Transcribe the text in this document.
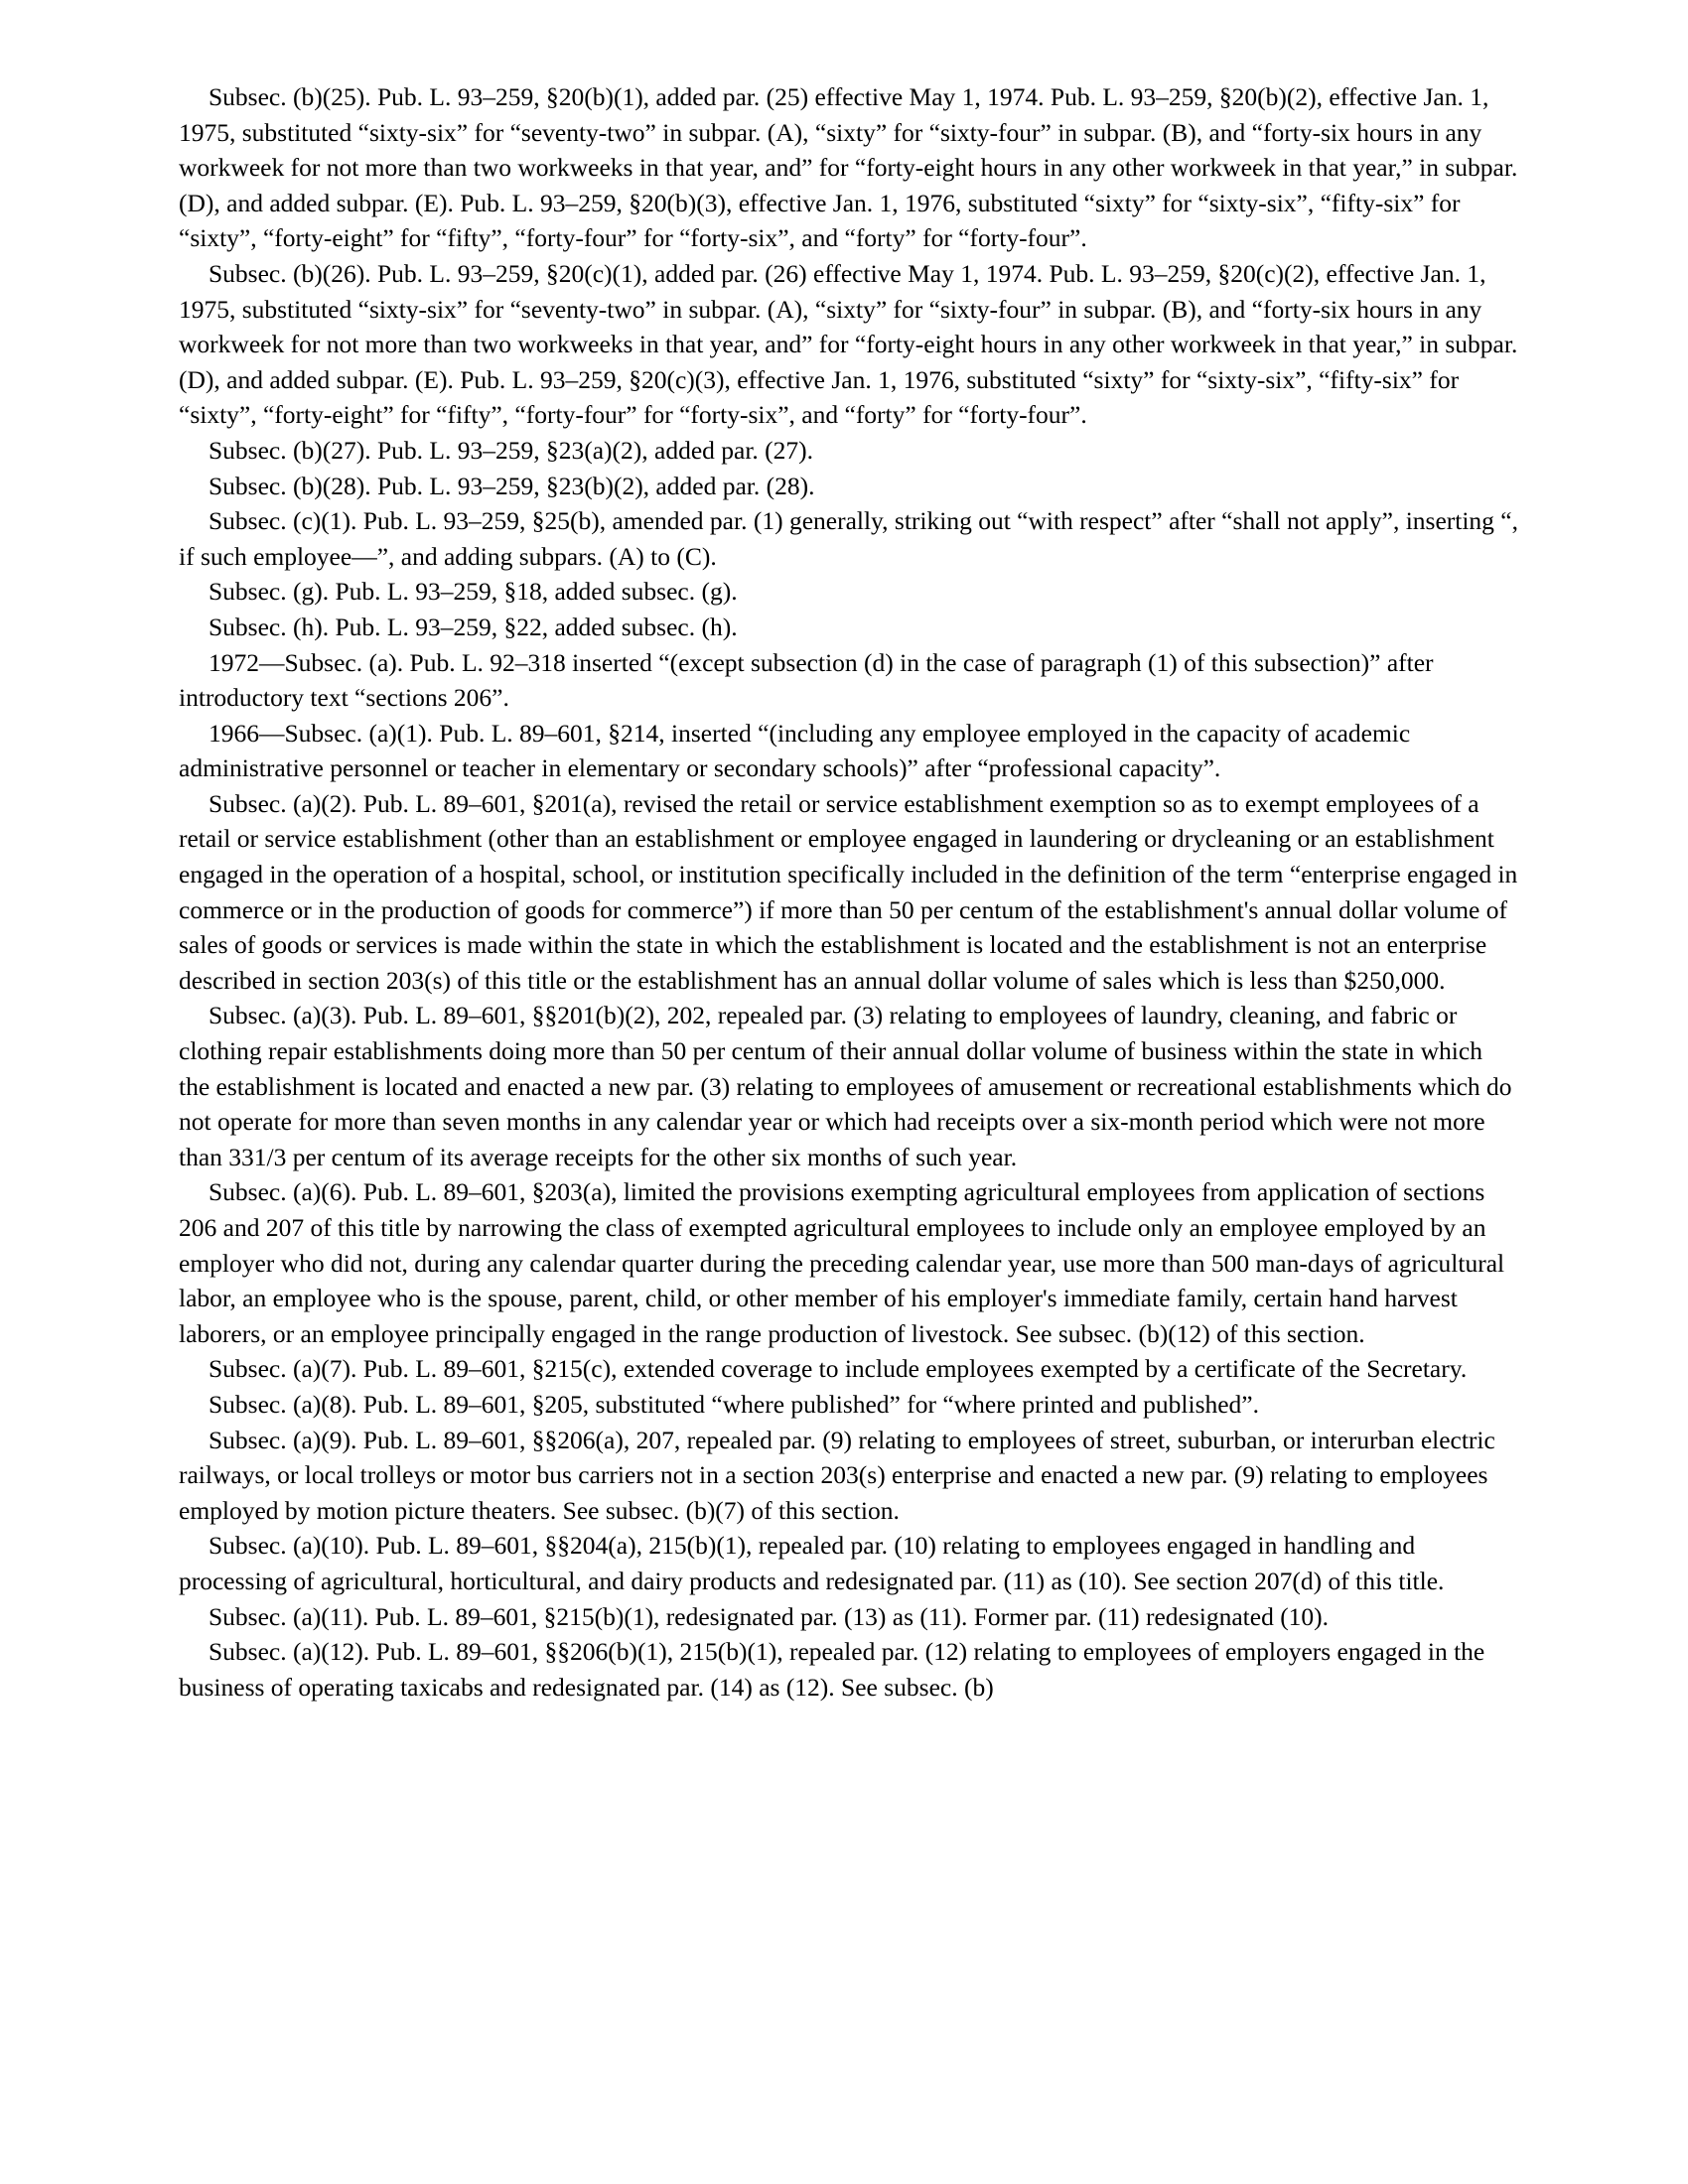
Subsec. (b)(25). Pub. L. 93–259, §20(b)(1), added par. (25) effective May 1, 1974. Pub. L. 93–259, §20(b)(2), effective Jan. 1, 1975, substituted “sixty-six” for “seventy-two” in subpar. (A), “sixty” for “sixty-four” in subpar. (B), and “forty-six hours in any workweek for not more than two workweeks in that year, and” for “forty-eight hours in any other workweek in that year,” in subpar. (D), and added subpar. (E). Pub. L. 93–259, §20(b)(3), effective Jan. 1, 1976, substituted “sixty” for “sixty-six”, “fifty-six” for “sixty”, “forty-eight” for “fifty”, “forty-four” for “forty-six”, and “forty” for “forty-four”.

Subsec. (b)(26). Pub. L. 93–259, §20(c)(1), added par. (26) effective May 1, 1974. Pub. L. 93–259, §20(c)(2), effective Jan. 1, 1975, substituted “sixty-six” for “seventy-two” in subpar. (A), “sixty” for “sixty-four” in subpar. (B), and “forty-six hours in any workweek for not more than two workweeks in that year, and” for “forty-eight hours in any other workweek in that year,” in subpar. (D), and added subpar. (E). Pub. L. 93–259, §20(c)(3), effective Jan. 1, 1976, substituted “sixty” for “sixty-six”, “fifty-six” for “sixty”, “forty-eight” for “fifty”, “forty-four” for “forty-six”, and “forty” for “forty-four”.

Subsec. (b)(27). Pub. L. 93–259, §23(a)(2), added par. (27).

Subsec. (b)(28). Pub. L. 93–259, §23(b)(2), added par. (28).

Subsec. (c)(1). Pub. L. 93–259, §25(b), amended par. (1) generally, striking out “with respect” after “shall not apply”, inserting “, if such employee—”, and adding subpars. (A) to (C).

Subsec. (g). Pub. L. 93–259, §18, added subsec. (g).

Subsec. (h). Pub. L. 93–259, §22, added subsec. (h).

1972—Subsec. (a). Pub. L. 92–318 inserted “(except subsection (d) in the case of paragraph (1) of this subsection)” after introductory text “sections 206”.

1966—Subsec. (a)(1). Pub. L. 89–601, §214, inserted “(including any employee employed in the capacity of academic administrative personnel or teacher in elementary or secondary schools)” after “professional capacity”.

Subsec. (a)(2). Pub. L. 89–601, §201(a), revised the retail or service establishment exemption so as to exempt employees of a retail or service establishment (other than an establishment or employee engaged in laundering or drycleaning or an establishment engaged in the operation of a hospital, school, or institution specifically included in the definition of the term “enterprise engaged in commerce or in the production of goods for commerce”) if more than 50 per centum of the establishment's annual dollar volume of sales of goods or services is made within the state in which the establishment is located and the establishment is not an enterprise described in section 203(s) of this title or the establishment has an annual dollar volume of sales which is less than $250,000.

Subsec. (a)(3). Pub. L. 89–601, §§201(b)(2), 202, repealed par. (3) relating to employees of laundry, cleaning, and fabric or clothing repair establishments doing more than 50 per centum of their annual dollar volume of business within the state in which the establishment is located and enacted a new par. (3) relating to employees of amusement or recreational establishments which do not operate for more than seven months in any calendar year or which had receipts over a six-month period which were not more than 331/3 per centum of its average receipts for the other six months of such year.

Subsec. (a)(6). Pub. L. 89–601, §203(a), limited the provisions exempting agricultural employees from application of sections 206 and 207 of this title by narrowing the class of exempted agricultural employees to include only an employee employed by an employer who did not, during any calendar quarter during the preceding calendar year, use more than 500 man-days of agricultural labor, an employee who is the spouse, parent, child, or other member of his employer's immediate family, certain hand harvest laborers, or an employee principally engaged in the range production of livestock. See subsec. (b)(12) of this section.

Subsec. (a)(7). Pub. L. 89–601, §215(c), extended coverage to include employees exempted by a certificate of the Secretary.

Subsec. (a)(8). Pub. L. 89–601, §205, substituted “where published” for “where printed and published”.

Subsec. (a)(9). Pub. L. 89–601, §§206(a), 207, repealed par. (9) relating to employees of street, suburban, or interurban electric railways, or local trolleys or motor bus carriers not in a section 203(s) enterprise and enacted a new par. (9) relating to employees employed by motion picture theaters. See subsec. (b)(7) of this section.

Subsec. (a)(10). Pub. L. 89–601, §§204(a), 215(b)(1), repealed par. (10) relating to employees engaged in handling and processing of agricultural, horticultural, and dairy products and redesignated par. (11) as (10). See section 207(d) of this title.

Subsec. (a)(11). Pub. L. 89–601, §215(b)(1), redesignated par. (13) as (11). Former par. (11) redesignated (10).

Subsec. (a)(12). Pub. L. 89–601, §§206(b)(1), 215(b)(1), repealed par. (12) relating to employees of employers engaged in the business of operating taxicabs and redesignated par. (14) as (12). See subsec. (b)
